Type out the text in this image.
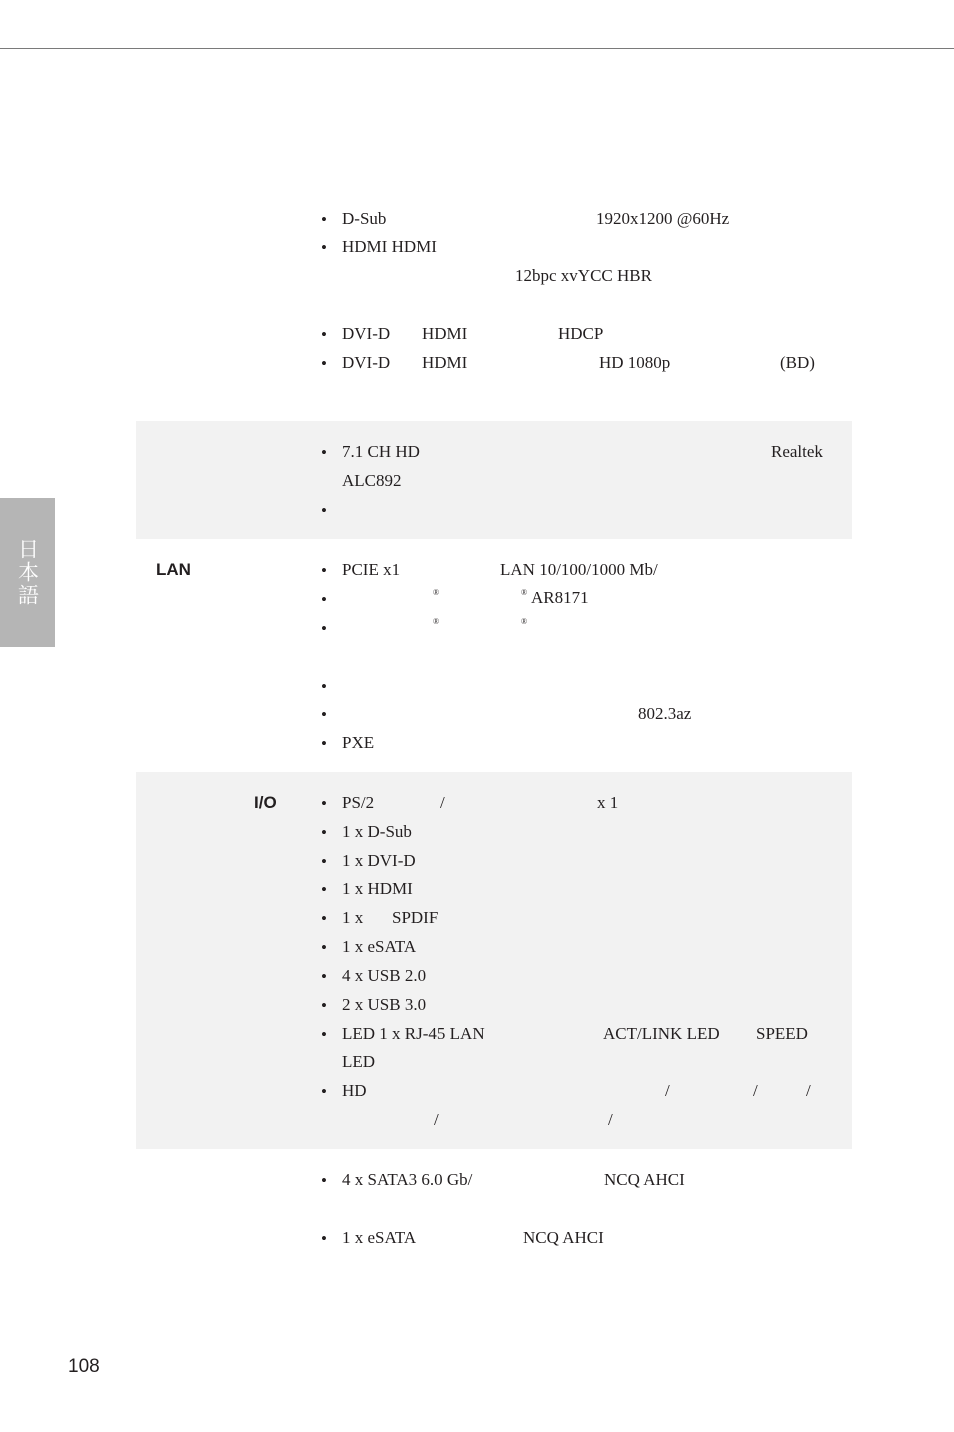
日本語
• D-Sub	1920x1200 @60Hz
• HDMI HDMI
12bpc xvYCC HBR
• DVI-D HDMI	HDCP
• DVI-D HDMI	HD 1080p	(BD)
• 7.1 CH HD	Realtek
ALC892
•
LAN	• PCIE x1	LAN 10/100/1000 Mb/
•	®	® AR8171
•	®	®
•
•	802.3az
• PXE
I/O	• PS/2	/	x 1
• 1 x D-Sub
• 1 x DVI-D
• 1 x HDMI
• 1 x SPDIF
• 1 x eSATA
• 4 x USB 2.0
• 2 x USB 3.0
• LED 1 x RJ-45 LAN	ACT/LINK LED SPEED
LED
• HD	/	/	/
/	/
• 4 x SATA3 6.0 Gb/	NCQ AHCI
• 1 x eSATA	NCQ AHCI
108
